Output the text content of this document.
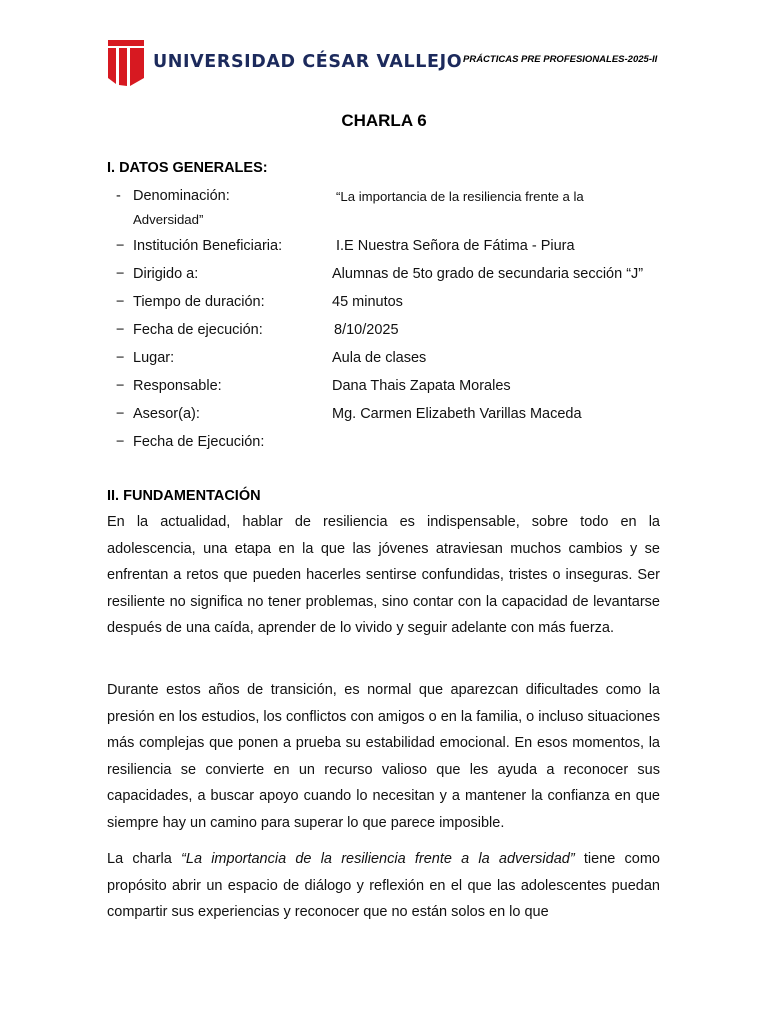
UNIVERSIDAD CÉSAR VALLEJO PRÁCTICAS PRE PROFESIONALES-2025-II
CHARLA 6
I. DATOS GENERALES:
- Denominación:	“La importancia de la resiliencia frente a la
Adversidad”
− Institución Beneficiaria:	I.E Nuestra Señora de Fátima - Piura
− Dirigido a:	Alumnas de 5to grado de secundaria sección “J”
− Tiempo de duración:	45 minutos
− Fecha de ejecución:	8/10/2025
− Lugar:	Aula de clases
− Responsable:	Dana Thais Zapata Morales
− Asesor(a):	Mg. Carmen Elizabeth Varillas Maceda
− Fecha de Ejecución:
II. FUNDAMENTACIÓN
En la actualidad, hablar de resiliencia es indispensable, sobre todo en la adolescencia, una etapa en la que las jóvenes atraviesan muchos cambios y se enfrentan a retos que pueden hacerles sentirse confundidas, tristes o inseguras. Ser resiliente no significa no tener problemas, sino contar con la capacidad de levantarse después de una caída, aprender de lo vivido y seguir adelante con más fuerza.
Durante estos años de transición, es normal que aparezcan dificultades como la presión en los estudios, los conflictos con amigos o en la familia, o incluso situaciones más complejas que ponen a prueba su estabilidad emocional. En esos momentos, la resiliencia se convierte en un recurso valioso que les ayuda a reconocer sus capacidades, a buscar apoyo cuando lo necesitan y a mantener la confianza en que siempre hay un camino para superar lo que parece imposible.
La charla “La importancia de la resiliencia frente a la adversidad” tiene como propósito abrir un espacio de diálogo y reflexión en el que las adolescentes puedan compartir sus experiencias y reconocer que no están solos en lo que
